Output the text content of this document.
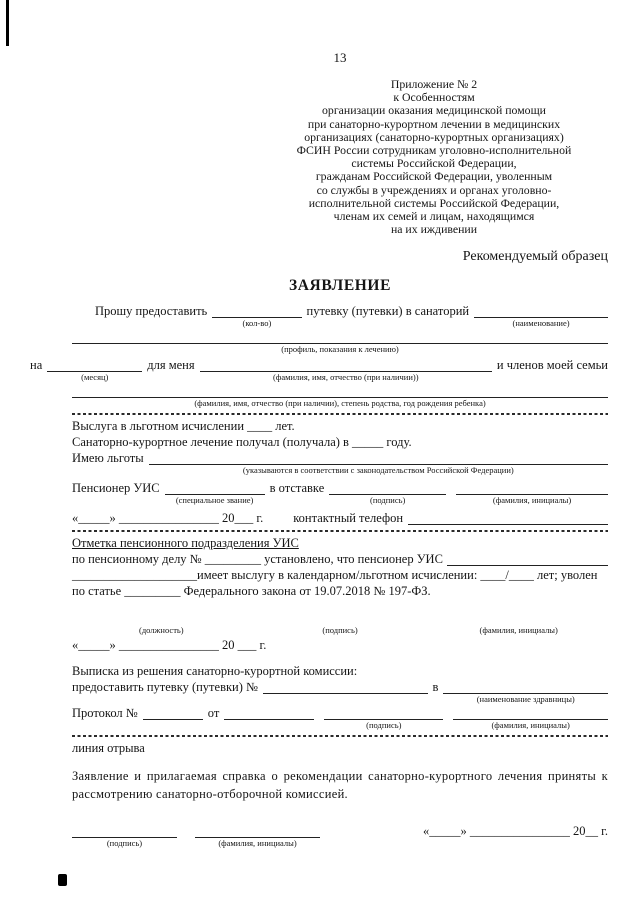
13
Приложение № 2
к Особенностям
организации оказания медицинской помощи
при санаторно-курортном лечении в медицинских
организациях (санаторно-курортных организациях)
ФСИН России сотрудникам уголовно-исполнительной
системы Российской Федерации,
гражданам Российской Федерации, уволенным
со службы в учреждениях и органах уголовно-
исполнительной системы Российской Федерации,
членам их семей и лицам, находящимся
на их иждивении
Рекомендуемый образец
ЗАЯВЛЕНИЕ
Прошу предоставить
(кол-во)
путевку (путевки) в санаторий
(наименование)
(профиль, показания к лечению)
на
(месяц)
для меня
(фамилия, имя, отчество (при наличии))
и членов моей семьи
(фамилия, имя, отчество (при наличии), степень родства, год рождения ребенка)
Выслуга в льготном исчислении ____ лет.
Санаторно-курортное лечение получал (получала) в _____ году.
Имею льготы
(указываются в соответствии с законодательством Российской Федерации)
Пенсионер УИС
(специальное звание)
в отставке
(подпись)	(фамилия, инициалы)
«_____» ________________ 20___ г. контактный телефон
Отметка пенсионного подразделения УИС
по пенсионному делу № _________ установлено, что пенсионер УИС
____________________имеет выслугу в календарном/льготном исчислении: ____/____ лет; уволен
по статье _________ Федерального закона от 19.07.2018 № 197-ФЗ.
(должность)	(подпись)	(фамилия, инициалы)
«_____» ________________ 20 ___ г.
Выписка из решения санаторно-курортной комиссии:
предоставить путевку (путевки) №	в
(наименование здравницы)
Протокол №	от
(подпись)	(фамилия, инициалы)
линия отрыва
Заявление и прилагаемая справка о рекомендации санаторно-курортного лечения приняты к рассмотрению санаторно-отборочной комиссией.
(подпись)	(фамилия, инициалы)
«_____» ________________ 20__ г.
